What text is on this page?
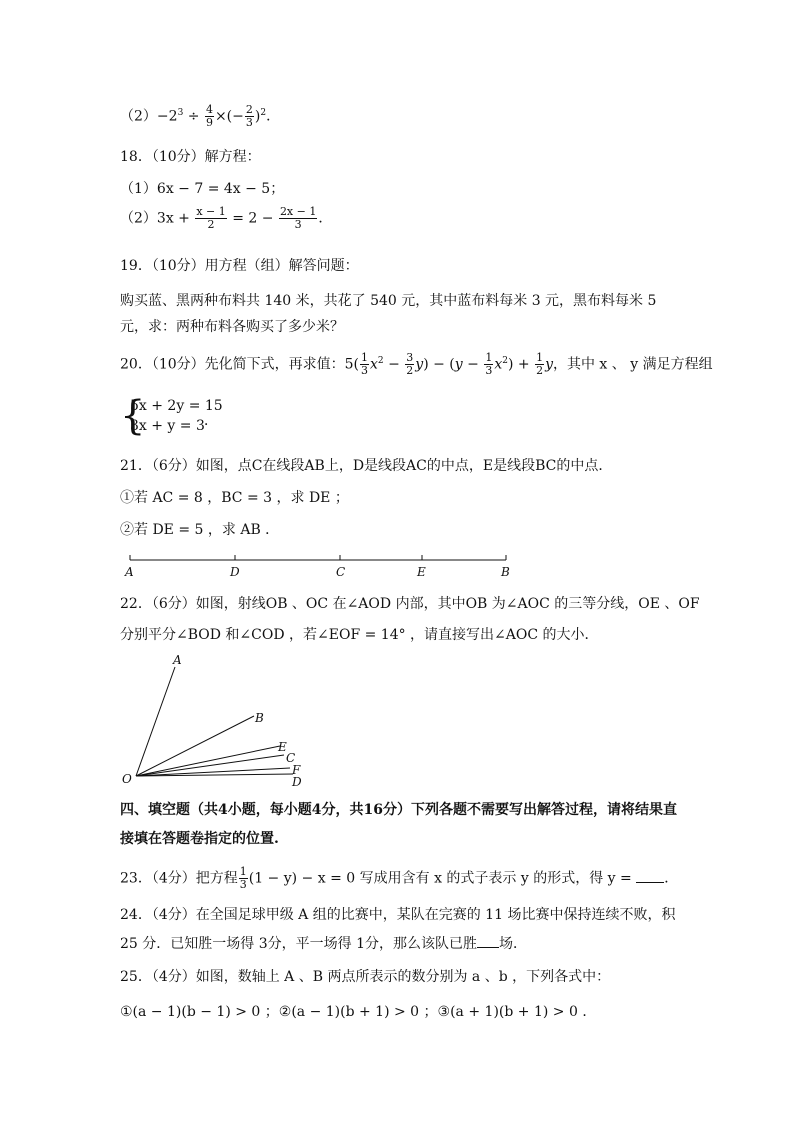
$(2)-2^3 \div \frac{4}{9}$ ×(− $\frac{2}{3} )^2$．
18．（10分）解方程：
（1）6x − 7 = 4x − 5；
$(2)3x + \frac{x - 1}{2} = 2 - \frac{2x - 1}{3}$ ．
19．（10分）用方程（组）解答问题：
购买蓝、黑两种布料共 140 米，共花了 540 元，其中蓝布料每米 3 元，黑布料每米 5 元，求：两种布料各购买了多少米？
20．（10分）先化简下式，再求值：$5( \frac{1}{3} x^2 - \frac{3}{2} y) - (y - \frac{1}{3} x^2) + \frac{1}{2}$ y，其中 x 、 y 满足方程组
{
5x + 2y = 15
3x + y = 3 ．
21．（6分）如图，点C在线段AB上，D是线段AC的中点，E是线段BC的中点．
①若 AC = 8 ，BC = 3 ，求 DE ；
②若 DE = 5 ，求 AB ．
A	D	C	E	B
22．（6分）如图，射线OB 、OC 在∠AOD 内部，其中OB 为∠AOC 的三等分线，OE 、OF
分别平分∠BOD 和∠COD ，若∠EOF = 14° ，请直接写出∠AOC 的大小．
A
B
E
C
F
D
O
四、填空题（共4小题，每小题4分，共16分）下列各题不需要写出解答过程，请将结果直接填在答题卷指定的位置.
23．（4分）把方程 $\frac{1}{3} (1 - y) - x = 0$ 写成用含有 x 的式子表示 y 的形式，得 y = ．
24．（4分）在全国足球甲级 A 组的比赛中，某队在完赛的 11 场比赛中保持连续不败，积 25 分．已知胜一场得 3分，平一场得 1分，那么该队已胜 场．
25．（4分）如图，数轴上 A 、B 两点所表示的数分别为 a 、b ，下列各式中：
①(a − 1)(b − 1) > 0 ；②(a − 1)(b + 1) > 0 ；③(a + 1)(b + 1) > 0 ．
